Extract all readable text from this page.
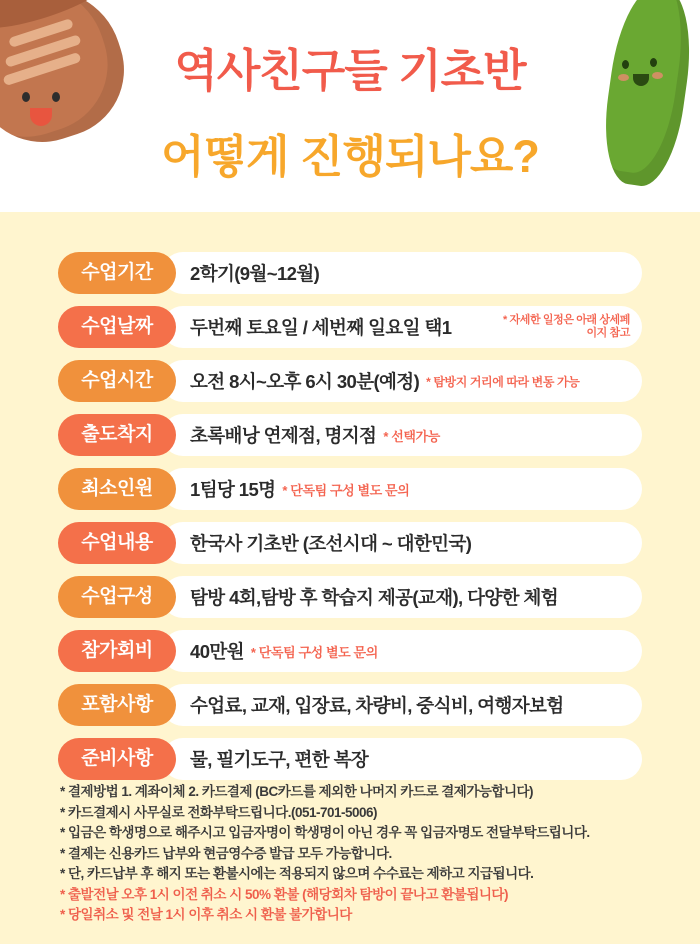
역사친구들 기초반
어떻게 진행되나요?
수업기간	2학기(9월~12월)
수업날짜	두번째 토요일 / 세번째 일요일 택1	* 자세한 일정은 아래 상세페이지 참고
수업시간	오전 8시~오후 6시 30분(예정) * 탐방지 거리에 따라 변동 가능
출도착지	초록배낭 연제점, 명지점 * 선택가능
최소인원	1팀당 15명 * 단독팀 구성 별도 문의
수업내용	한국사 기초반 (조선시대 ~ 대한민국)
수업구성	탐방 4회,탐방 후 학습지 제공(교재), 다양한 체험
참가회비	40만원 * 단독팀 구성 별도 문의
포함사항	수업료, 교재, 입장료, 차량비, 중식비, 여행자보험
준비사항	물, 필기도구, 편한 복장
* 결제방법 1. 계좌이체 2. 카드결제 (BC카드를 제외한 나머지 카드로 결제가능합니다)
* 카드결제시 사무실로 전화부탁드립니다.(051-701-5006)
* 입금은 학생명으로 해주시고 입금자명이 학생명이 아닌 경우 꼭 입금자명도 전달부탁드립니다.
* 결제는 신용카드 납부와 현금영수증 발급 모두 가능합니다.
* 단, 카드납부 후 해지 또는 환불시에는 적용되지 않으며 수수료는 제하고 지급됩니다.
* 출발전날 오후 1시 이전 취소 시 50% 환불 (해당회차 탐방이 끝나고 환불됩니다)
* 당일취소 및 전날 1시 이후 취소 시 환불 불가합니다
